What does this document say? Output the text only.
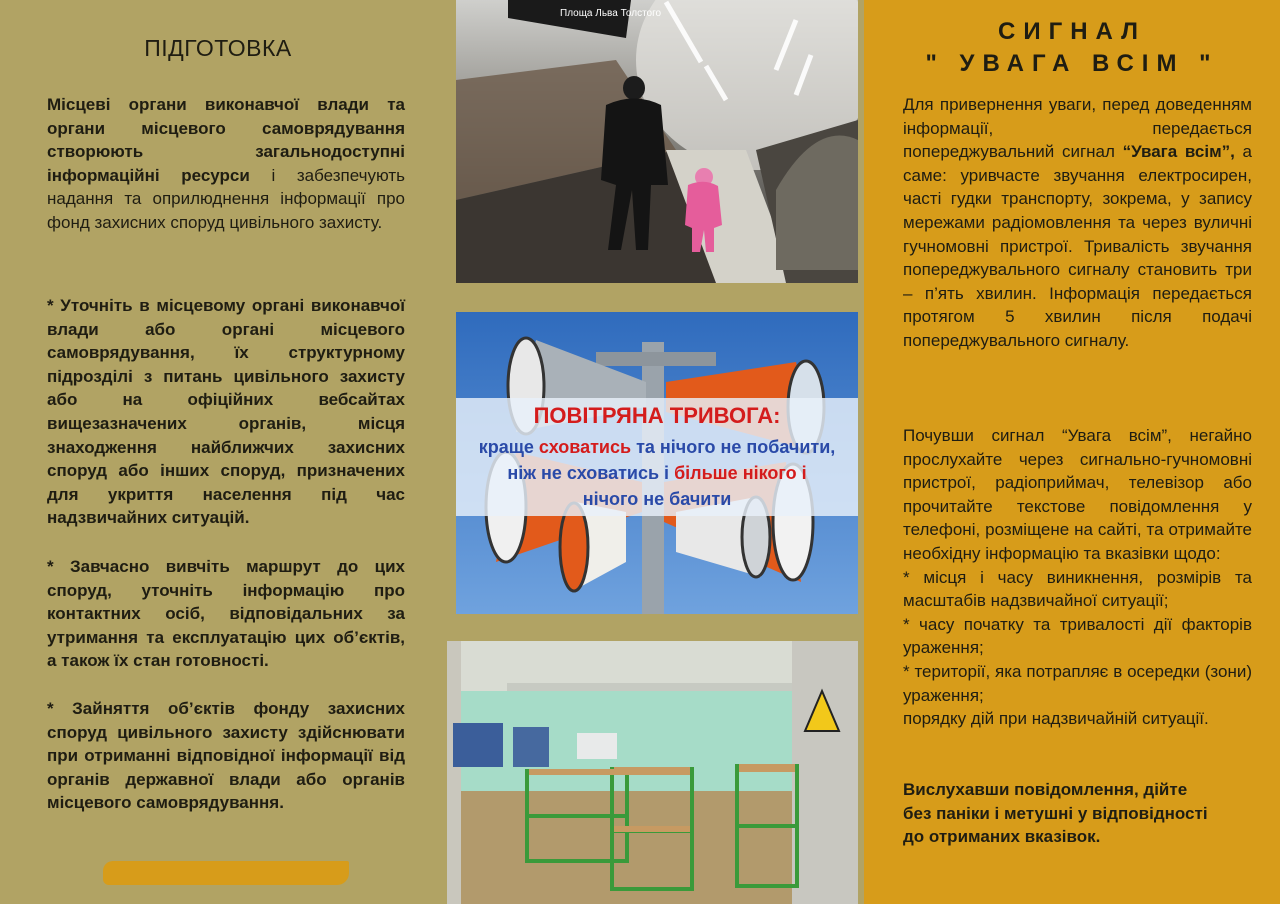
ПІДГОТОВКА
Місцеві органи виконавчої влади та органи місцевого самоврядування створюють загальнодоступні інформаційні ресурси і забезпечують надання та оприлюднення інформації про фонд захисних споруд цивільного захисту.
* Уточніть в місцевому органі виконавчої влади або органі місцевого самоврядування, їх структурному підрозділі з питань цивільного захисту або на офіційних вебсайтах вищезазначених органів, місця знаходження найближчих захисних споруд або інших споруд, призначених для укриття населення під час надзвичайних ситуацій.
* Завчасно вивчіть маршрут до цих споруд, уточніть інформацію про контактних осіб, відповідальних за утримання та експлуатацію цих об’єктів, а також їх стан готовності.
* Зайняття об’єктів фонду захисних споруд цивільного захисту здійснювати при отриманні відповідної інформації від органів державної влади або органів місцевого самоврядування.
Площа Льва Толстого
ПОВІТРЯНА ТРИВОГА:
краще сховатись та нічого не побачити,
ніж не сховатись і більше нікого і
нічого не бачити
СИГНАЛ
" УВАГА ВСІМ "
Для привернення уваги, перед доведенням інформації, передається попереджувальний сигнал “Увага всім”, а саме: уривчасте звучання електросирен, частi гудки транспорту, зокрема, у запису мережами радіомовлення та через вуличні гучномовні пристрої. Тривалість звучання попереджувального сигналу становить три – п’ять хвилин. Інформація передається протягом 5 хвилин після подачі попереджувального сигналу.
Почувши сигнал “Увага всім”, негайно прослухайте через сигнально-гучномовні пристрої, радіоприймач, телевізор або прочитайте текстове повідомлення у телефоні, розміщене на сайті, та отримайте необхідну інформацію та вказівки щодо:
* місця і часу виникнення, розмірів та масштабів надзвичайної ситуації;
* часу початку та тривалості дії факторів ураження;
* території, яка потрапляє в осередки (зони) ураження;
порядку дій при надзвичайній ситуації.
Вислухавши повідомлення, дійте
без паніки і метушні у відповідності
до отриманих вказівок.
